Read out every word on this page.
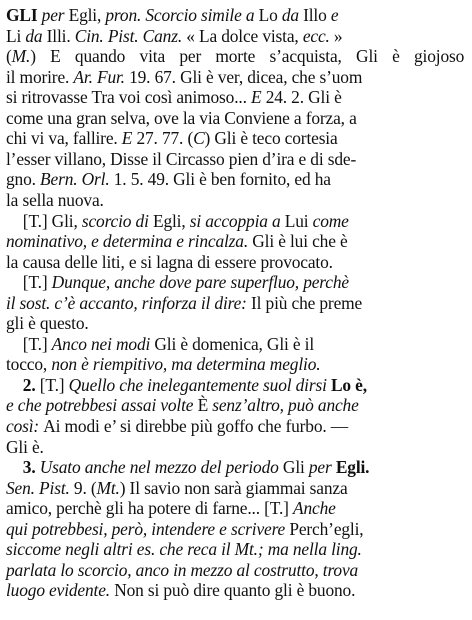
GLI per Egli, pron. Scorcio simile a Lo da Illo e
Li da Illi. Cin. Pist. Canz. « La dolce vista, ecc. »
(M.) E quando vita per morte s’acquista, Gli è giojoso
il morire. Ar. Fur. 19. 67. Gli è ver, dicea, che s’uom
si ritrovasse Tra voi così animoso... E 24. 2. Gli è
come una gran selva, ove la via Conviene a forza, a
chi vi va, fallire. E 27. 77. (C) Gli è teco cortesia
l’esser villano, Disse il Circasso pien d’ira e di sde-
gno. Bern. Orl. 1. 5. 49. Gli è ben fornito, ed ha
la sella nuova.
[T.] Gli, scorcio di Egli, si accoppia a Lui come
nominativo, e determina e rincalza. Gli è lui che è
la causa delle liti, e si lagna di essere provocato.
[T.] Dunque, anche dove pare superfluo, perchè
il sost. c’è accanto, rinforza il dire: Il più che preme
gli è questo.
[T.] Anco nei modi Gli è domenica, Gli è il
tocco, non è riempitivo, ma determina meglio.
2. [T.] Quello che inelegantemente suol dirsi Lo è,
e che potrebbesi assai volte È senz’altro, può anche
così: Ai modi e’ si direbbe più goffo che furbo. —
Gli è.
3. Usato anche nel mezzo del periodo Gli per Egli.
Sen. Pist. 9. (Mt.) Il savio non sarà giammai sanza
amico, perchè gli ha potere di farne... [T.] Anche
qui potrebbesi, però, intendere e scrivere Perch’egli,
siccome negli altri es. che reca il Mt.; ma nella ling.
parlata lo scorcio, anco in mezzo al costrutto, trova
luogo evidente. Non si può dire quanto gli è buono.
